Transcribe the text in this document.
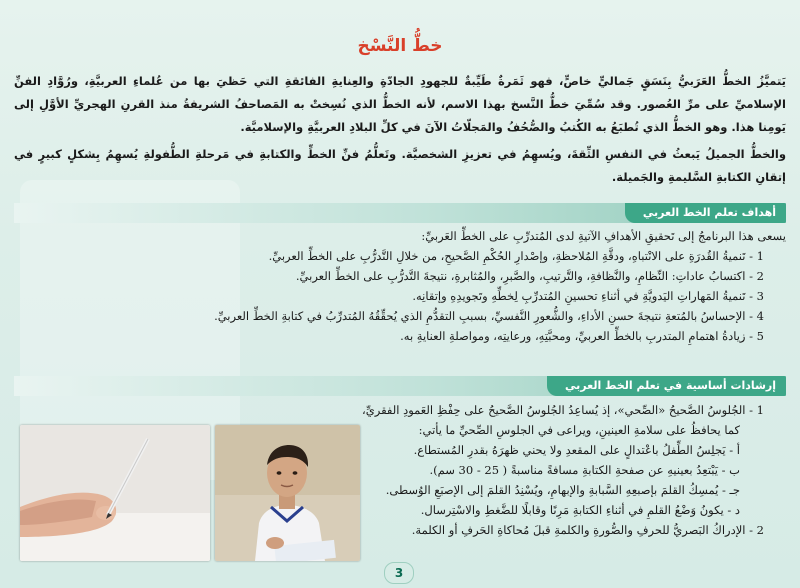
خطُّ النَّسْخ
يَتميَّزُ الخطُّ العَرَبيُّ بِنَسَقٍ جَماليٍّ خاصٍّ، فهو ثَمَرةٌ طَيِّبةٌ للجهودِ الجادّةِ والعِنايةِ الفائقةِ التي حَظيَ بها من عُلماءِ العربيَّةِ، ورُوَّادِ الفنِّ الإسلاميِّ على مرِّ العُصور. وقد سُمِّيَ خطُّ النَّسخ بهذا الاسم، لأنه الخطُّ الذي نُسِختْ به المَصاحفُ الشريفةُ منذ القرنِ الهجريِّ الأوَّلِ إلى يَومِنا هذا. وهو الخطُّ الذي تُطبَعُ به الكُتبُ والصُّحُفُ والمَجلّاتُ الآنَ في كلِّ البلادِ العربيَّةِ والإسلاميَّة.
والخطُّ الجميلُ يَبعثُ في النفسِ الثِّقةَ، ويُسهِمُ في تعزيزِ الشخصيَّة. وتَعلُّمُ فنِّ الخطِّ والكتابةِ في مَرحلةِ الطُّفولةِ يُسهِمُ بِشكلٍ كبيرٍ في إتقانِ الكتابةِ السَّليمةِ والجَميلة.
أهداف تعلم الخط العربي
يسعى هذا البرنامجُ إلى تَحقيقِ الأهدافِ الآتيةِ لدى المُتدرِّبِ على الخطِّ العَربيِّ:
1 - تَنميةُ القُدرَةِ على الانْتباهِ، ودقَّةِ المُلاحظةِ، وإصْدارِ الحُكْمِ الصَّحيحِ، من خلالِ التَّدرُّبِ على الخطِّ العربيِّ.
2 - اكتسابُ عاداتِ: النِّظامِ، والنَّظافةِ، والتَّرتيبِ، والصَّبرِ، والمُثابرةِ، نتيجةَ التَّدرُّبِ على الخطِّ العربيِّ.
3 - تَنميةُ المَهاراتِ اليَدويَّةِ في أثناءِ تحسينِ المُتدرِّبِ لِخطِّهِ وتَجويدِهِ وإتقانِه.
4 - الإحساسُ بالمُتعةِ نتيجةَ حسنِ الأداءِ، والشُّعورِ النَّفسيِّ، بسببِ التقدُّمِ الذي يُحقِّقُهُ المُتدرِّبُ في كتابةِ الخطِّ العربيِّ.
5 - زيادةُ اهتمامِ المتدربِ بالخطِّ العربيِّ، ومحبَّتِهِ، ورعايتِه، ومواصلةِ العنايةِ به.
إرشادات أساسية في تعلم الخط العربي
1 - الجُلوسُ الصَّحيحُ «الصِّحي»، إذ يُساعِدُ الجُلوسُ الصَّحيحُ على حِفْظِ العَمودِ الفقريِّ،
كما يحافظُ على سلامةِ العينينِ، ويراعى في الجلوسِ الصِّحيِّ ما يأتي:
أ - يَجلِسُ الطِّفلُ باعْتدالٍ على المقعدِ ولا يحني ظهرَهُ بقدرِ المُستطاع.
ب - يَبْتعِدُ بعينيهِ عن صفحةِ الكتابةِ مسافةً مناسبةً ( 25 - 30 سم).
جـ - يُمسِكُ القلمَ بإصبعِهِ السَّبابةِ والإبهامِ، ويُسْنِدُ القلمَ إلى الإصبَعِ الوُسطى.
د - يكونُ وَضْعُ القلمِ في أثناءِ الكتابةِ مَرِنًا وقابلًا للضَّغطِ والاسْتِرسال.
2 - الإدراكُ البَصريُّ للحرفِ والصُّورةِ والكلمةِ قبلَ مُحاكاةِ الحَرفِ أو الكلمة.
3
